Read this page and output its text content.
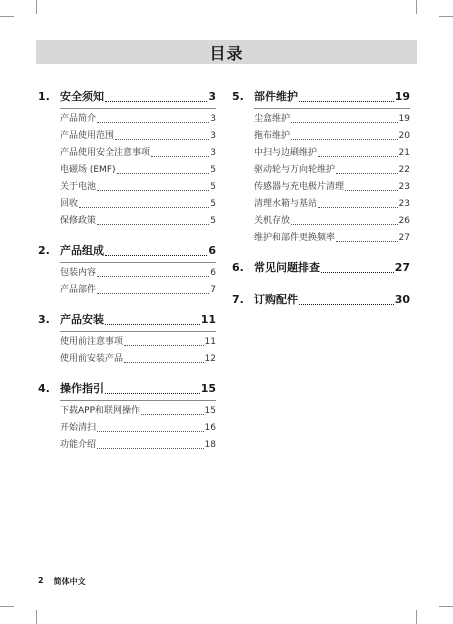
目录
1. 安全须知	3
产品简介	3
产品使用范围	3
产品使用安全注意事项	3
电磁场 (EMF)	5
关于电池	5
回收	5
保修政策	5
2. 产品组成	6
包装内容	6
产品部件	7
3. 产品安装	11
使用前注意事项	11
使用前安装产品	12
4. 操作指引	15
下载APP和联网操作	15
开始清扫	16
功能介绍	18
5. 部件维护	19
尘盒维护	19
拖布维护	20
中扫与边刷维护	21
驱动轮与万向轮维护	22
传感器与充电极片清理	23
清理水箱与基站	23
关机存放	26
维护和部件更换频率	27
6. 常见问题排查	27
7. 订购配件	30
2 简体中文
